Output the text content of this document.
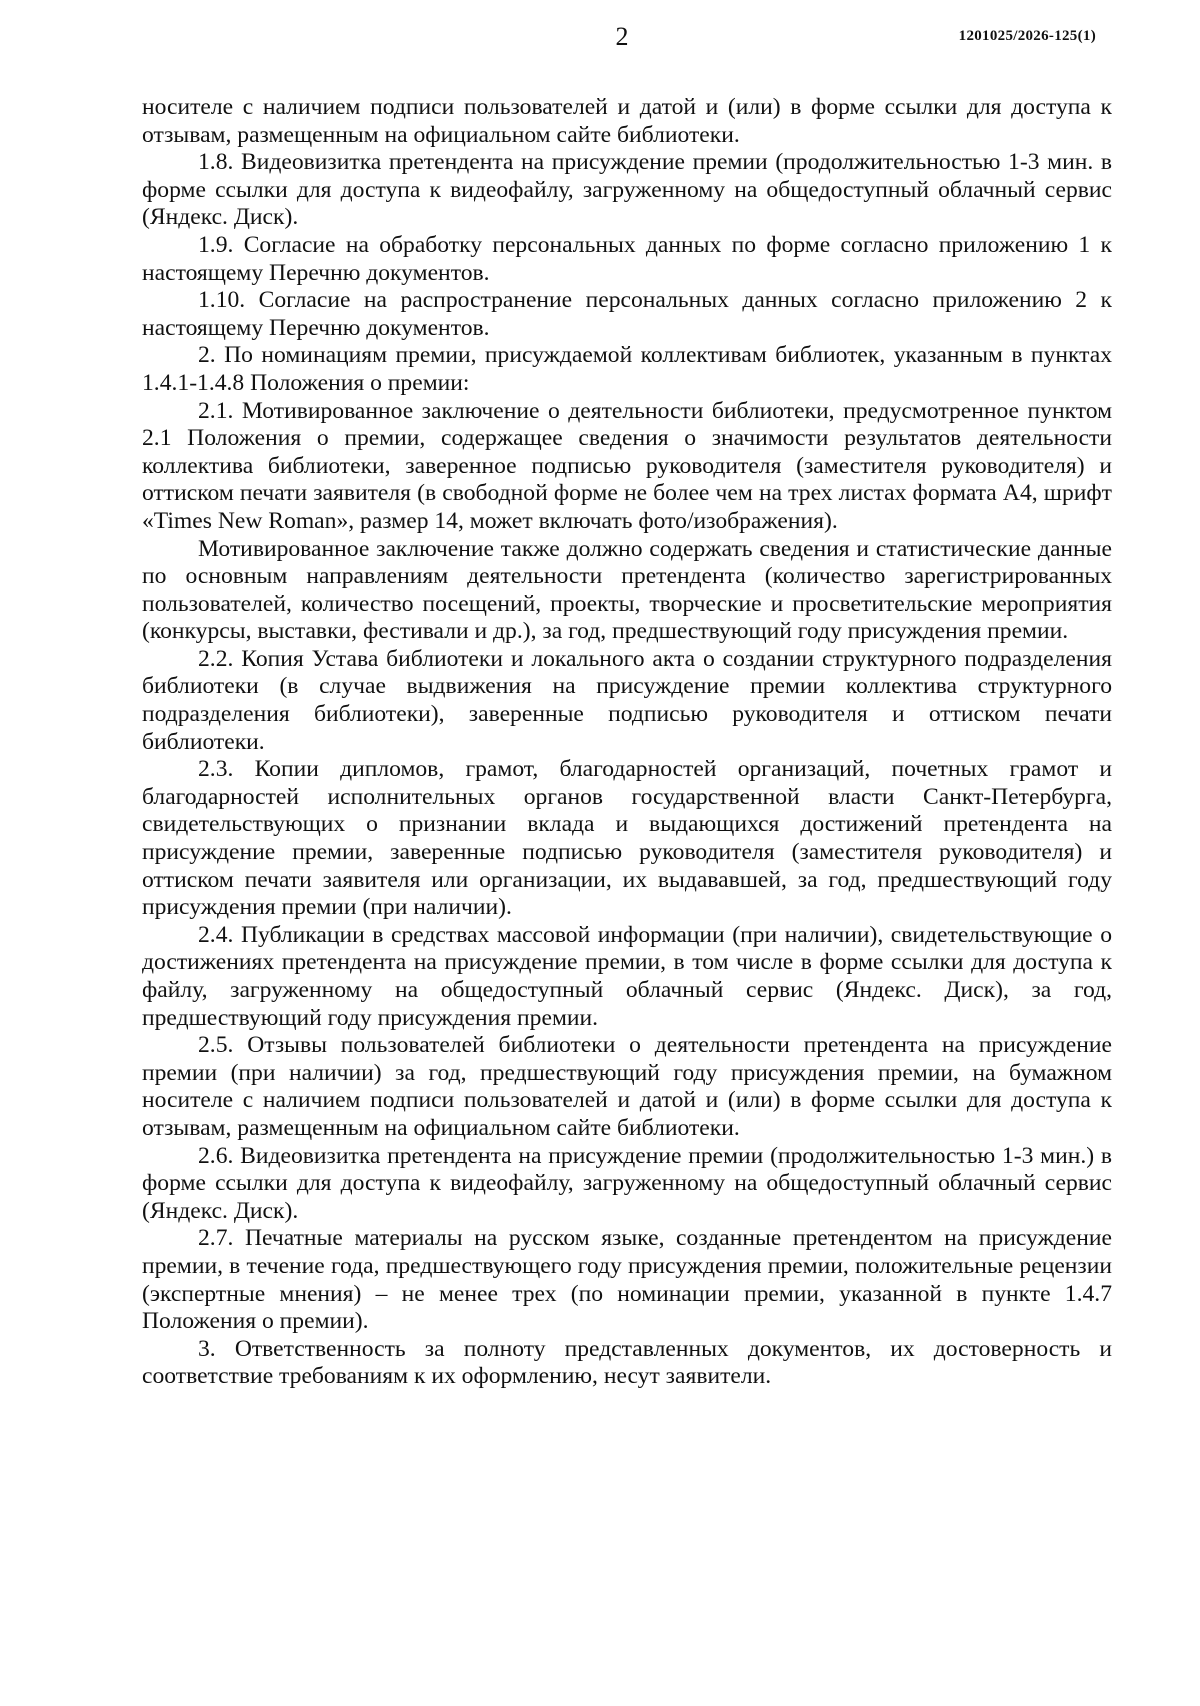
2	1201025/2026-125(1)

носителе с наличием подписи пользователей и датой и (или) в форме ссылки для доступа к отзывам, размещенным на официальном сайте библиотеки.

1.8. Видеовизитка претендента на присуждение премии (продолжительностью 1-3 мин. в форме ссылки для доступа к видеофайлу, загруженному на общедоступный облачный сервис (Яндекс. Диск).

1.9. Согласие на обработку персональных данных по форме согласно приложению 1 к настоящему Перечню документов.

1.10. Согласие на распространение персональных данных согласно приложению 2 к настоящему Перечню документов.

2. По номинациям премии, присуждаемой коллективам библиотек, указанным в пунктах 1.4.1-1.4.8 Положения о премии:

2.1. Мотивированное заключение о деятельности библиотеки, предусмотренное пунктом 2.1 Положения о премии, содержащее сведения о значимости результатов деятельности коллектива библиотеки, заверенное подписью руководителя (заместителя руководителя) и оттиском печати заявителя (в свободной форме не более чем на трех листах формата А4, шрифт «Times New Roman», размер 14, может включать фото/изображения).

Мотивированное заключение также должно содержать сведения и статистические данные по основным направлениям деятельности претендента (количество зарегистрированных пользователей, количество посещений, проекты, творческие и просветительские мероприятия (конкурсы, выставки, фестивали и др.), за год, предшествующий году присуждения премии.

2.2. Копия Устава библиотеки и локального акта о создании структурного подразделения библиотеки (в случае выдвижения на присуждение премии коллектива структурного подразделения библиотеки), заверенные подписью руководителя и оттиском печати библиотеки.

2.3. Копии дипломов, грамот, благодарностей организаций, почетных грамот и благодарностей исполнительных органов государственной власти Санкт-Петербурга, свидетельствующих о признании вклада и выдающихся достижений претендента на присуждение премии, заверенные подписью руководителя (заместителя руководителя) и оттиском печати заявителя или организации, их выдававшей, за год, предшествующий году присуждения премии (при наличии).

2.4. Публикации в средствах массовой информации (при наличии), свидетельствующие о достижениях претендента на присуждение премии, в том числе в форме ссылки для доступа к файлу, загруженному на общедоступный облачный сервис (Яндекс. Диск), за год, предшествующий году присуждения премии.

2.5. Отзывы пользователей библиотеки о деятельности претендента на присуждение премии (при наличии) за год, предшествующий году присуждения премии, на бумажном носителе с наличием подписи пользователей и датой и (или) в форме ссылки для доступа к отзывам, размещенным на официальном сайте библиотеки.

2.6. Видеовизитка претендента на присуждение премии (продолжительностью 1-3 мин.) в форме ссылки для доступа к видеофайлу, загруженному на общедоступный облачный сервис (Яндекс. Диск).

2.7. Печатные материалы на русском языке, созданные претендентом на присуждение премии, в течение года, предшествующего году присуждения премии, положительные рецензии (экспертные мнения) – не менее трех (по номинации премии, указанной в пункте 1.4.7 Положения о премии).

3. Ответственность за полноту представленных документов, их достоверность и соответствие требованиям к их оформлению, несут заявители.
